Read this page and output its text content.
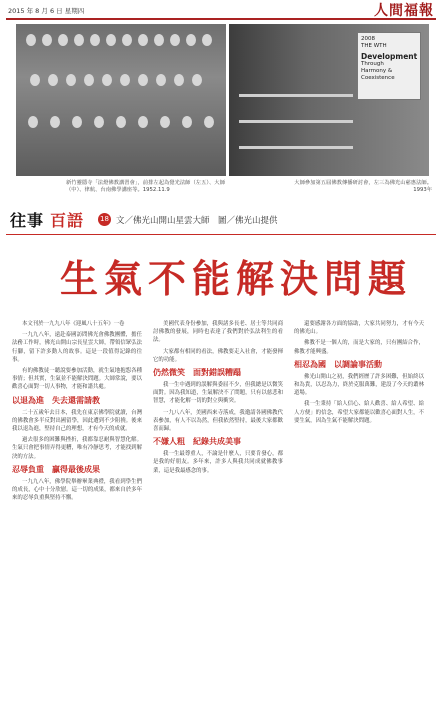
2015 年 8 月 6 日 星期四	人間福報
2008
THE WTH
Development
Through
Harmony &
Coexistence
新竹靈隱寺「法燈佛教講習會」，前排左起為覺光法師（左五）、大師（中）、律航、台南佛學講座等。1952.11.9
大師參加第五屆佛教傳播研討會，左三為佛光山慈惠法師。1993年
往事 百語 18 文／佛光山開山星雲大師　圖／佛光山提供
生氣不能解決問題

本文刊於一九九八年《迎風八十五年》一卷

一九九八年，遠赴泰國訪問佛光會佛教團體，擔任法務工作時，佛光山開山宗長星雲大師，帶領信眾弘法行腳，留下許多動人的故事。這是一段值得記錄的往事。

有的佛教徒一聽說要參加活動，就生氣地抱怨各種事情；但其實，生氣並不能解決問題。大師常說，要以歡喜心面對一切人事物，才能和諧共處。

以退為進　失去還需請教

二十五歲年去日本，我先在東京佛學院就讀，台灣的佛教會多半反對出國留學，因此遭到不少阻撓。後來我以退為進，堅持自己的理想，才有今天的成就。

過去很多的困難與挫折，我都靠忍耐與智慧化解。生氣只會把事情弄得更糟，唯有冷靜思考，才能找到解決的方法。

忍辱負重　贏得最後成果

一九九八年，佛學院舉辦畢業典禮，我看到學生們的成長，心中十分欣慰。這一切的成果，都來自於多年來的忍辱負重與堅持不懈。

美國代表身份參加，我與諸多長老、居士等共同商討佛教的發展，同時也表達了我們對於弘法利生的看法。

大家都有相同的看法，佛教要走入社會，才能發揮它的功能。

仍然微笑　面對錯誤糟蹋

我一生中遇到的誤解與委屈不少，但我總是以微笑面對。因為我知道，生氣解決不了問題，只有以慈悲和智慧，才能化解一切的對立與衝突。

一九八八年，美國西來寺落成，我邀請各國佛教代表參加，有人不以為然，但我依然堅持，最後大家都歡喜而歸。

不嫌人粗　紀錄共成美事

我一生最尊重人，不論是什麼人，只要肯發心，都是我的好朋友。多年來，許多人與我共同成就佛教事業，這是我最感念的事。

還要感謝各方面的協助，大家共同努力，才有今天的佛光山。

佛教不是一個人的，而是大家的，只有團結合作，佛教才能興盛。

相忍為國　以調論事活動

佛光山開山之初，我們經歷了許多困難，但始終以和為貴，以忍為力，終於克服萬難，建設了今天的叢林道場。

我一生秉持「給人信心、給人歡喜、給人希望、給人方便」的信念，希望大家都能以歡喜心面對人生，不要生氣，因為生氣不能解決問題。
